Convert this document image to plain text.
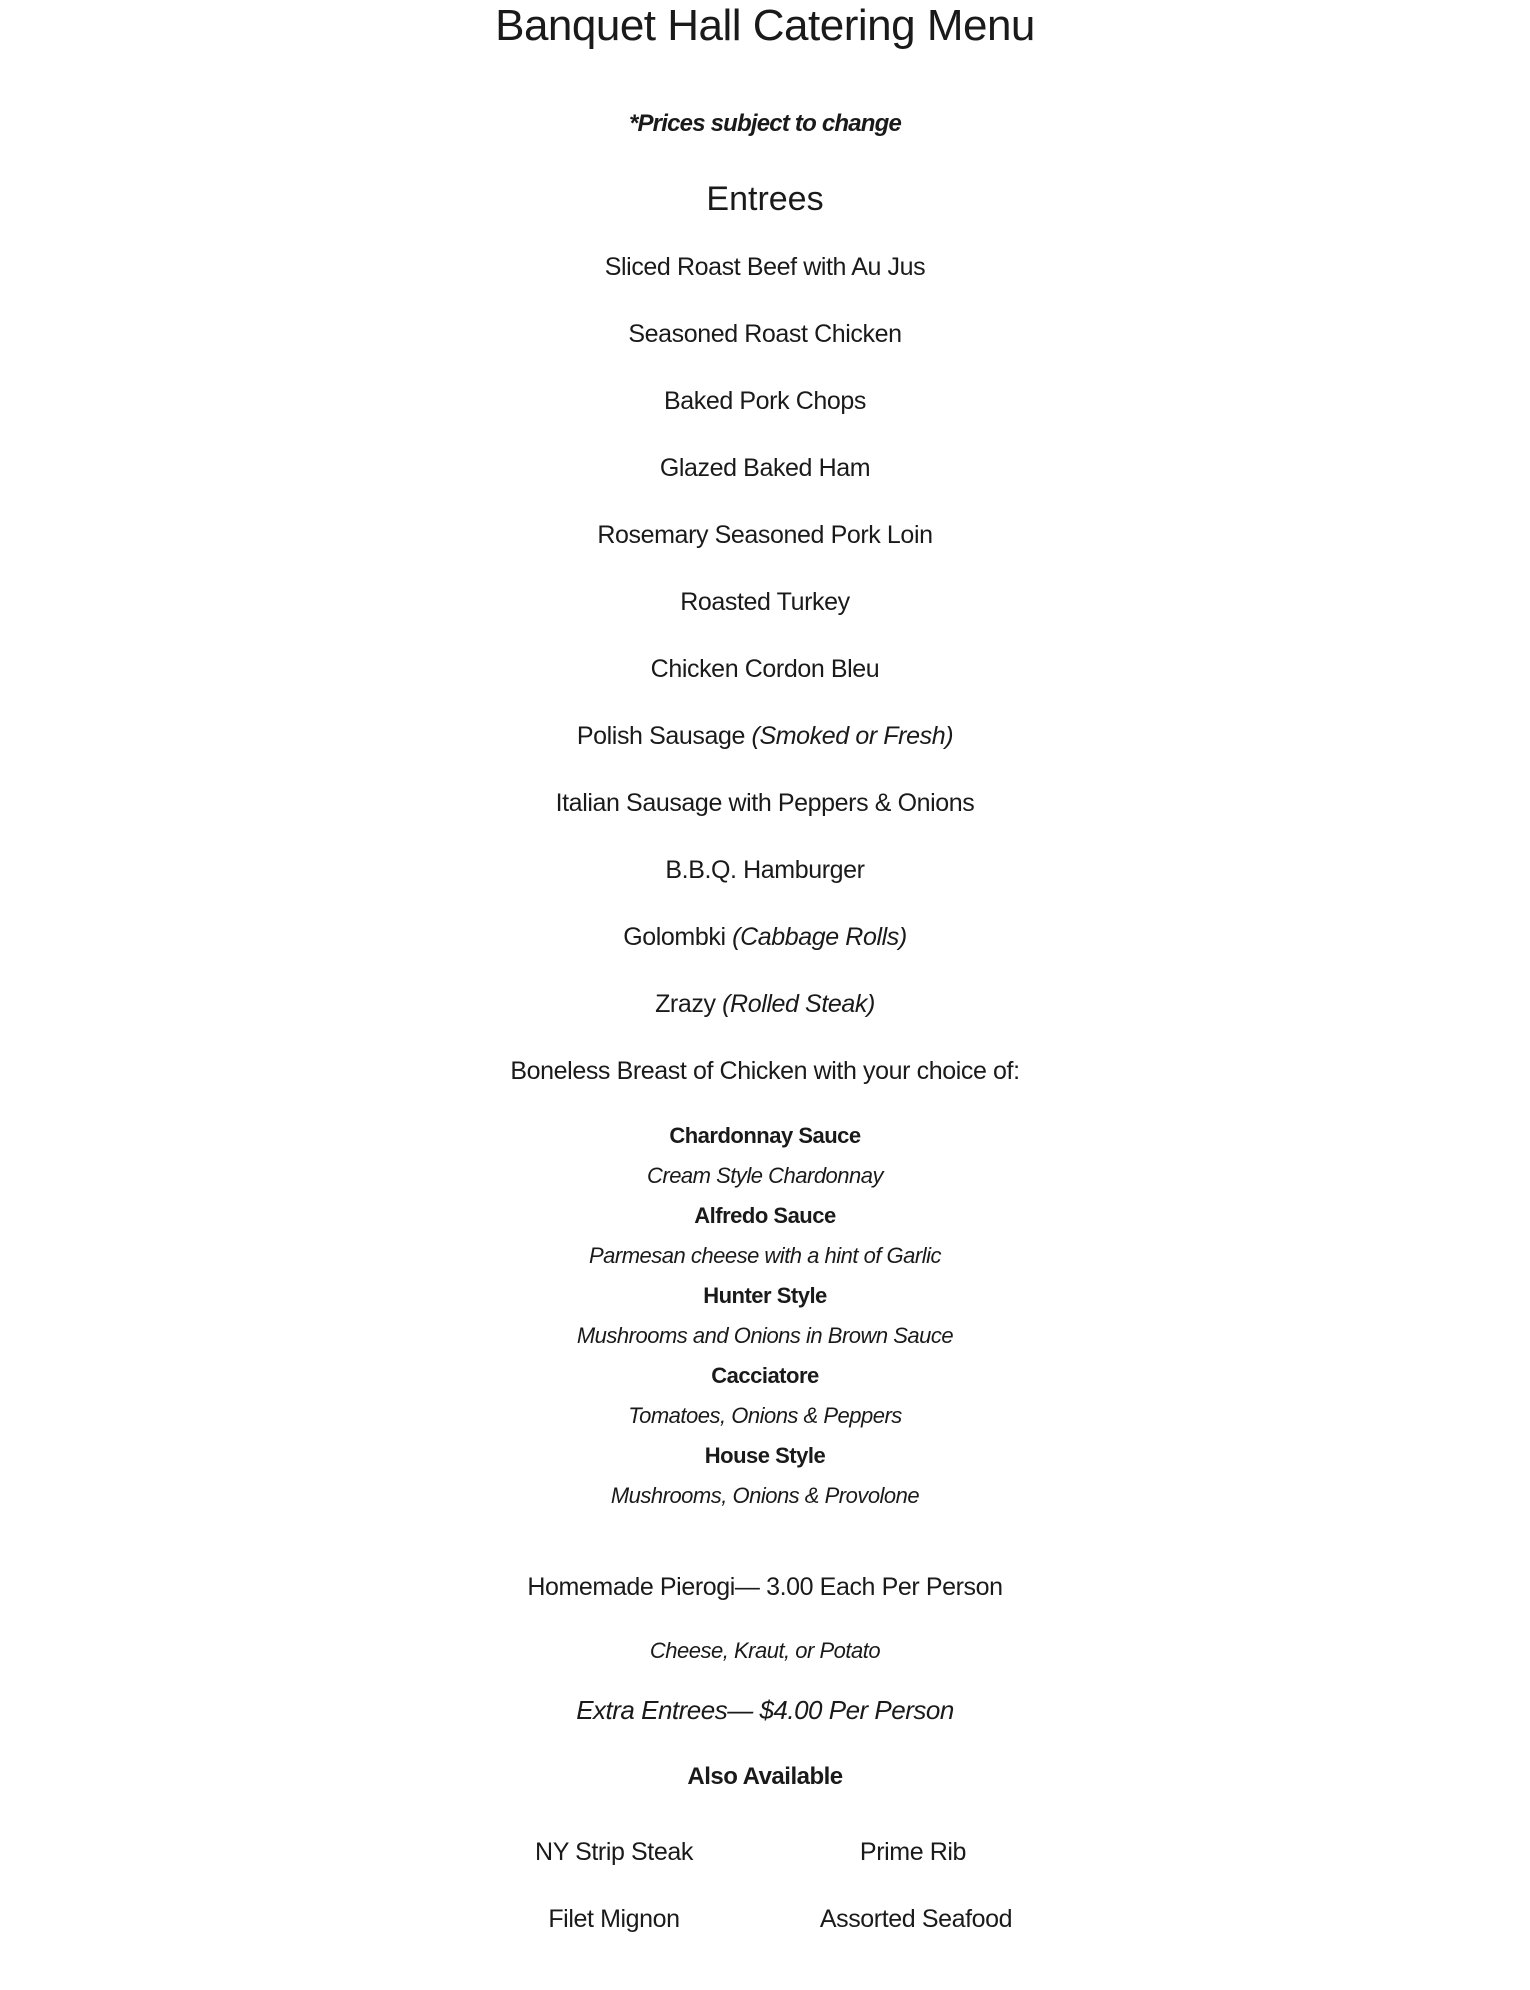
Banquet Hall Catering Menu
*Prices subject to change
Entrees
Sliced Roast Beef with Au Jus
Seasoned Roast Chicken
Baked Pork Chops
Glazed Baked Ham
Rosemary Seasoned Pork Loin
Roasted Turkey
Chicken Cordon Bleu
Polish Sausage (Smoked or Fresh)
Italian Sausage with Peppers & Onions
B.B.Q. Hamburger
Golombki (Cabbage Rolls)
Zrazy (Rolled Steak)
Boneless Breast of Chicken with your choice of:
Chardonnay Sauce
Cream Style Chardonnay
Alfredo Sauce
Parmesan cheese with a hint of Garlic
Hunter Style
Mushrooms and Onions in Brown Sauce
Cacciatore
Tomatoes, Onions & Peppers
House Style
Mushrooms, Onions & Provolone
Homemade Pierogi— 3.00 Each Per Person
Cheese, Kraut, or Potato
Extra Entrees— $4.00 Per Person
Also Available
NY Strip Steak	Prime Rib
Filet Mignon	Assorted Seafood
